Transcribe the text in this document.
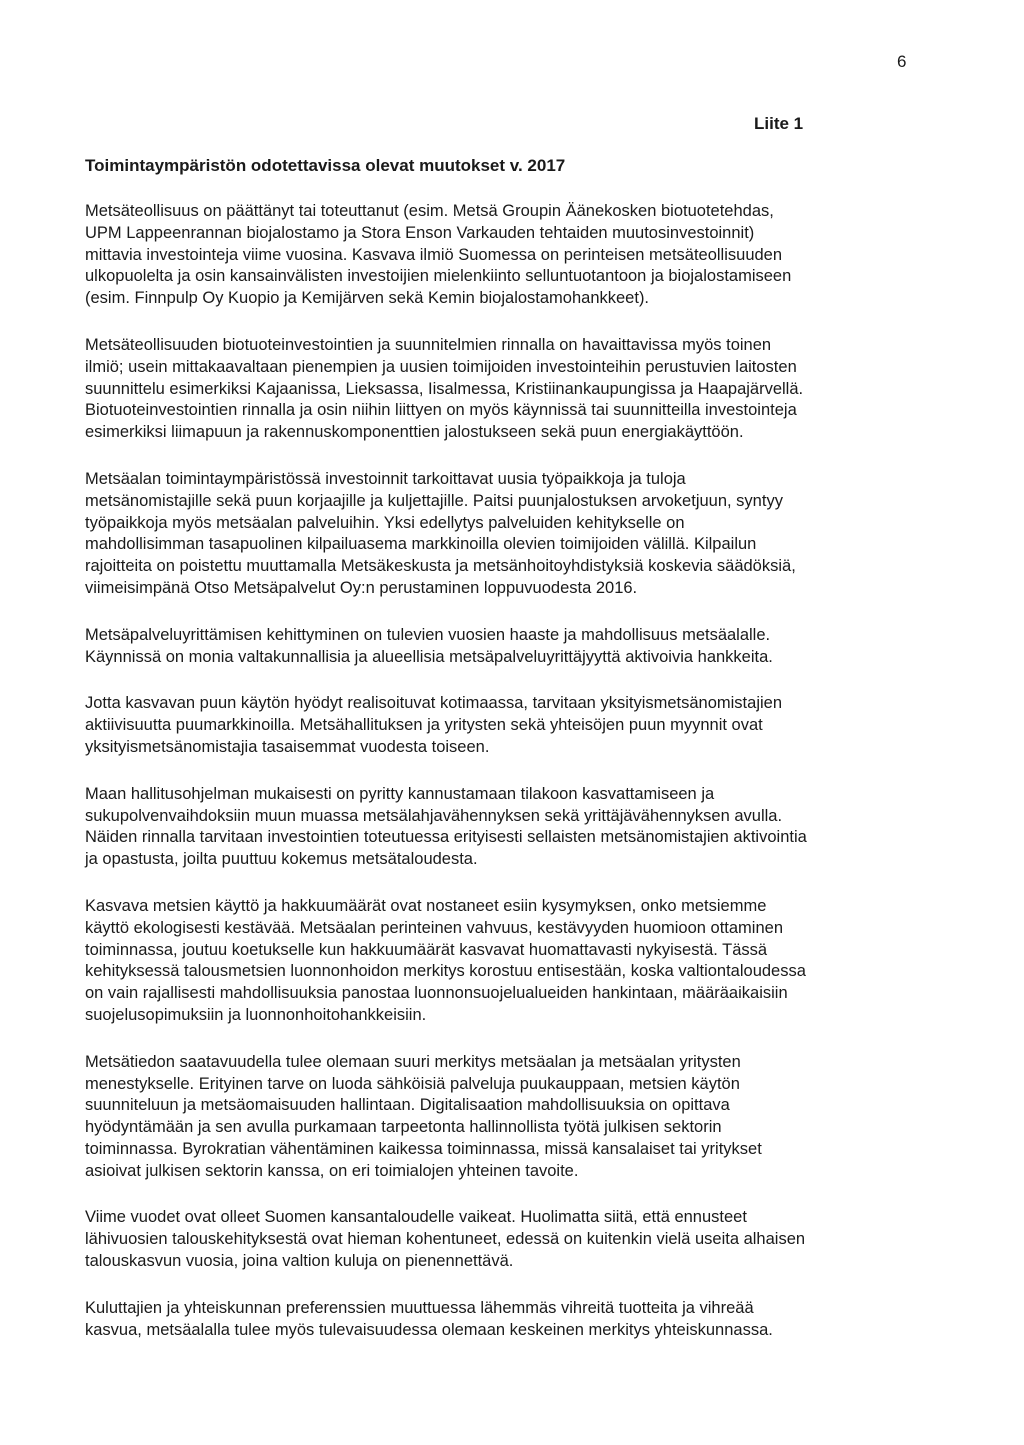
6
Liite 1
Toimintaympäristön odotettavissa olevat muutokset v. 2017

Metsäteollisuus on päättänyt tai toteuttanut (esim. Metsä Groupin Äänekosken biotuotetehdas,
UPM Lappeenrannan biojalostamo ja Stora Enson Varkauden tehtaiden muutosinvestoinnit)
mittavia investointeja viime vuosina. Kasvava ilmiö Suomessa on perinteisen metsäteollisuuden
ulkopuolelta ja osin kansainvälisten investoijien mielenkiinto selluntuotantoon ja biojalostamiseen
(esim. Finnpulp Oy Kuopio ja Kemijärven sekä Kemin biojalostamohankkeet).

Metsäteollisuuden biotuoteinvestointien ja suunnitelmien rinnalla on havaittavissa myös toinen
ilmiö; usein mittakaavaltaan pienempien ja uusien toimijoiden investointeihin perustuvien laitosten
suunnittelu esimerkiksi Kajaanissa, Lieksassa, Iisalmessa, Kristiinankaupungissa ja Haapajärvellä.
Biotuoteinvestointien rinnalla ja osin niihin liittyen on myös käynnissä tai suunnitteilla investointeja
esimerkiksi liimapuun ja rakennuskomponenttien jalostukseen sekä puun energiakäyttöön.

Metsäalan toimintaympäristössä investoinnit tarkoittavat uusia työpaikkoja ja tuloja
metsänomistajille sekä puun korjaajille ja kuljettajille. Paitsi puunjalostuksen arvoketjuun, syntyy
työpaikkoja myös metsäalan palveluihin. Yksi edellytys palveluiden kehitykselle on
mahdollisimman tasapuolinen kilpailuasema markkinoilla olevien toimijoiden välillä. Kilpailun
rajoitteita on poistettu muuttamalla Metsäkeskusta ja metsänhoitoyhdistyksiä koskevia säädöksiä,
viimeisimpänä Otso Metsäpalvelut Oy:n perustaminen loppuvuodesta 2016.

Metsäpalveluyrittämisen kehittyminen on tulevien vuosien haaste ja mahdollisuus metsäalalle.
Käynnissä on monia valtakunnallisia ja alueellisia metsäpalveluyrittäjyyttä aktivoivia hankkeita.

Jotta kasvavan puun käytön hyödyt realisoituvat kotimaassa, tarvitaan yksityismetsänomistajien
aktiivisuutta puumarkkinoilla. Metsähallituksen ja yritysten sekä yhteisöjen puun myynnit ovat
yksityismetsänomistajia tasaisemmat vuodesta toiseen.

Maan hallitusohjelman mukaisesti on pyritty kannustamaan tilakoon kasvattamiseen ja
sukupolvenvaihdoksiin muun muassa metsälahjavähennyksen sekä yrittäjävähennyksen avulla.
Näiden rinnalla tarvitaan investointien toteutuessa erityisesti sellaisten metsänomistajien aktivointia
ja opastusta, joilta puuttuu kokemus metsätaloudesta.

Kasvava metsien käyttö ja hakkuumäärät ovat nostaneet esiin kysymyksen, onko metsiemme
käyttö ekologisesti kestävää. Metsäalan perinteinen vahvuus, kestävyyden huomioon ottaminen
toiminnassa, joutuu koetukselle kun hakkuumäärät kasvavat huomattavasti nykyisestä. Tässä
kehityksessä talousmetsien luonnonhoidon merkitys korostuu entisestään, koska valtiontaloudessa
on vain rajallisesti mahdollisuuksia panostaa luonnonsuojelualueiden hankintaan, määräaikaisiin
suojelusopimuksiin ja luonnonhoitohankkeisiin.

Metsätiedon saatavuudella tulee olemaan suuri merkitys metsäalan ja metsäalan yritysten
menestykselle. Erityinen tarve on luoda sähköisiä palveluja puukauppaan, metsien käytön
suunniteluun ja metsäomaisuuden hallintaan. Digitalisaation mahdollisuuksia on opittava
hyödyntämään ja sen avulla purkamaan tarpeetonta hallinnollista työtä julkisen sektorin
toiminnassa. Byrokratian vähentäminen kaikessa toiminnassa, missä kansalaiset tai yritykset
asioivat julkisen sektorin kanssa, on eri toimialojen yhteinen tavoite.

Viime vuodet ovat olleet Suomen kansantaloudelle vaikeat. Huolimatta siitä, että ennusteet
lähivuosien talouskehityksestä ovat hieman kohentuneet, edessä on kuitenkin vielä useita alhaisen
talouskasvun vuosia, joina valtion kuluja on pienennettävä.

Kuluttajien ja yhteiskunnan preferenssien muuttuessa lähemmäs vihreitä tuotteita ja vihreää
kasvua, metsäalalla tulee myös tulevaisuudessa olemaan keskeinen merkitys yhteiskunnassa.
